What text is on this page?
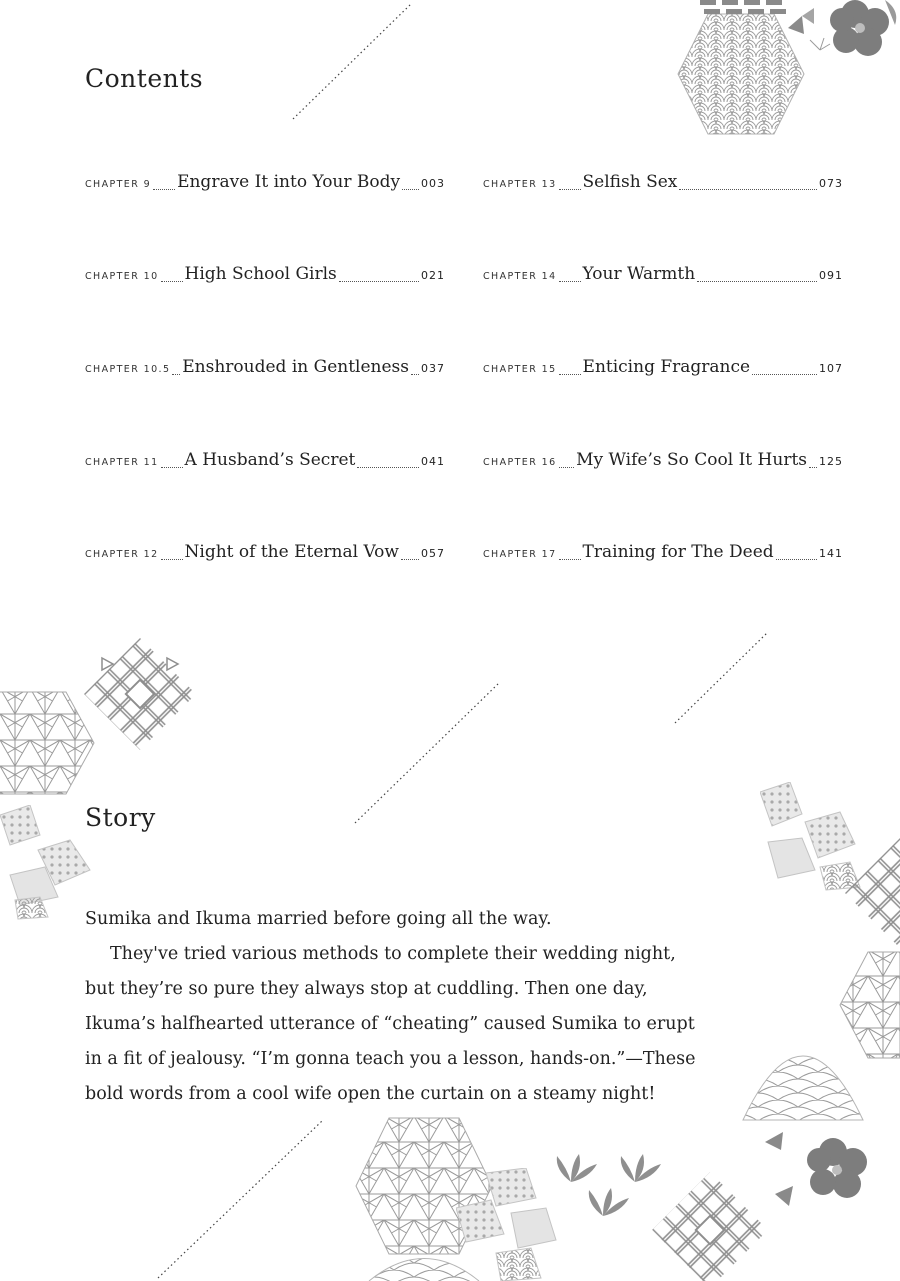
Contents
CHAPTER 9 Engrave It into Your Body 003
CHAPTER 10 High School Girls	021
CHAPTER 10.5 Enshrouded in Gentleness 037
CHAPTER 11 A Husband’s Secret	041
CHAPTER 12 Night of the Eternal Vow 057
CHAPTER 13 Selfish Sex	073
CHAPTER 14 Your Warmth	091
CHAPTER 15 Enticing Fragrance	107
CHAPTER 16 My Wife’s So Cool It Hurts 125
CHAPTER 17 Training for The Deed	141
Story

Sumika and Ikuma married before going all the way.

They've tried various methods to complete their wedding night, but they’re so pure they always stop at cuddling. Then one day, Ikuma’s halfhearted utterance of “cheating” caused Sumika to erupt in a fit of jealousy. “I’m gonna teach you a lesson, hands-on.”—These bold words from a cool wife open the curtain on a steamy night!
